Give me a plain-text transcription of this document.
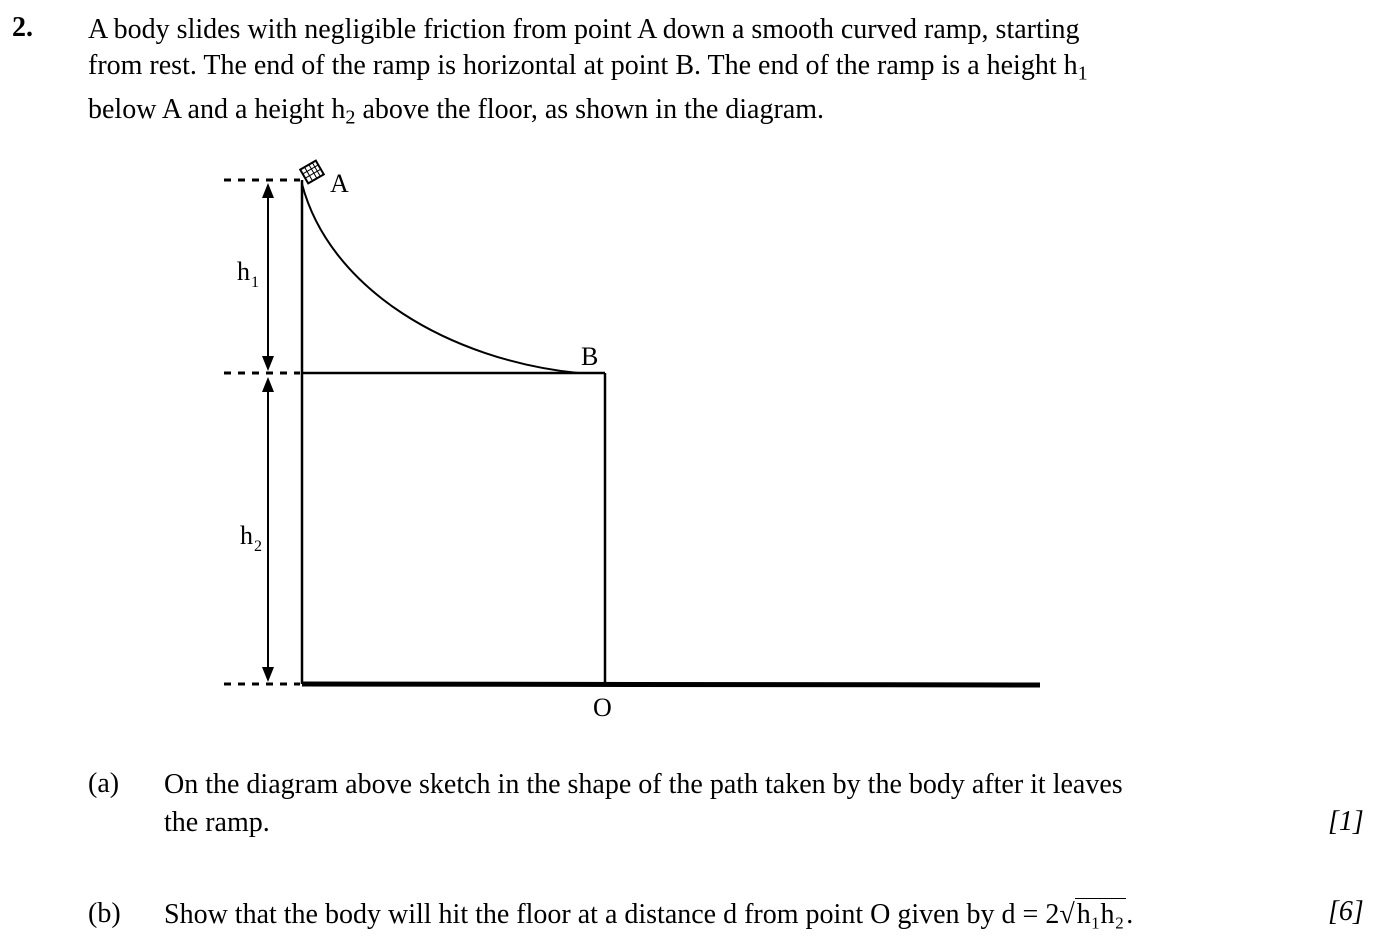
2. A body slides with negligible friction from point A down a smooth curved ramp, starting
from rest. The end of the ramp is horizontal at point B. The end of the ramp is a height $h_1$
below A and a height $h_2$ above the floor, as shown in the diagram.
h 1
h 2
A
B
O
(a) On the diagram above sketch in the shape of the path taken by the body after it leaves
the ramp.	[1]
(b) Show that the body will hit the floor at a distance d from point O given by d = 2√h₁h₂.	[6]
